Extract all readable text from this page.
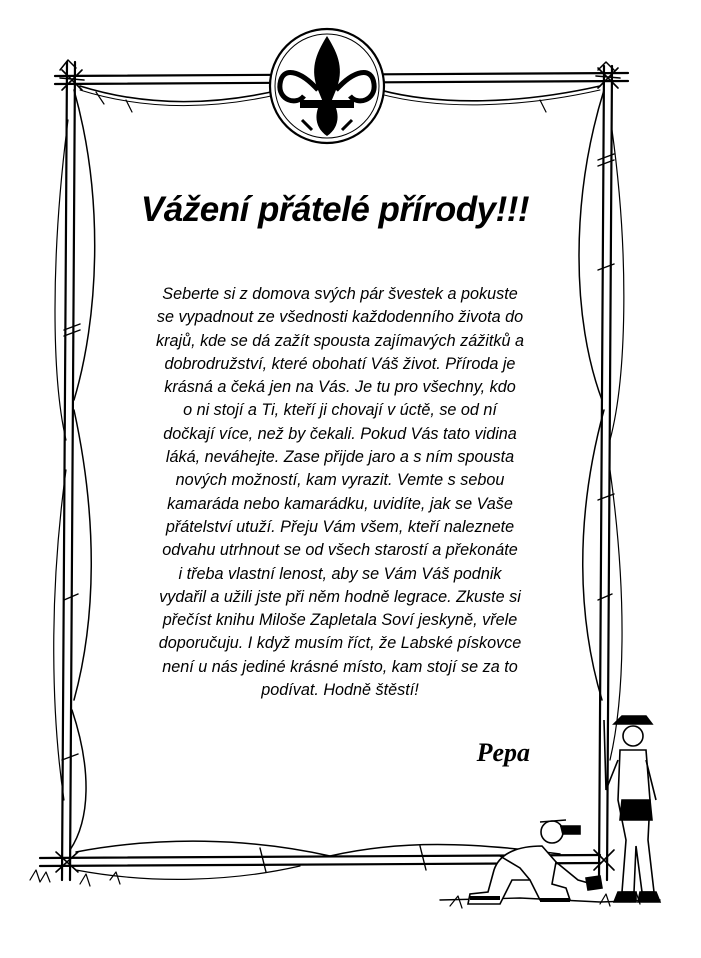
Vážení přátelé přírody!!!
Seberte si z domova svých pár švestek a pokuste
se vypadnout ze všednosti každodenního života do
krajů, kde se dá zažít spousta zajímavých zážitků a
dobrodružství, které obohatí Váš život. Příroda je
krásná a čeká jen na Vás. Je tu pro všechny, kdo
o ni stojí a Ti, kteří ji chovají v úctě, se od ní
dočkají více, než by čekali. Pokud Vás tato vidina
láká, neváhejte. Zase přijde jaro a s ním spousta
nových možností, kam vyrazit. Vemte s sebou
kamaráda nebo kamarádku, uvidíte, jak se Vaše
přátelství utuží. Přeju Vám všem, kteří naleznete
odvahu utrhnout se od všech starostí a překonáte
i třeba vlastní lenost, aby se Vám Váš podnik
vydařil a užili jste při něm hodně legrace. Zkuste si
přečíst knihu Miloše Zapletala Soví jeskyně, vřele
doporučuju. I když musím říct, že Labské pískovce
není u nás jediné krásné místo, kam stojí se za to
podívat. Hodně štěstí!
Pepa
